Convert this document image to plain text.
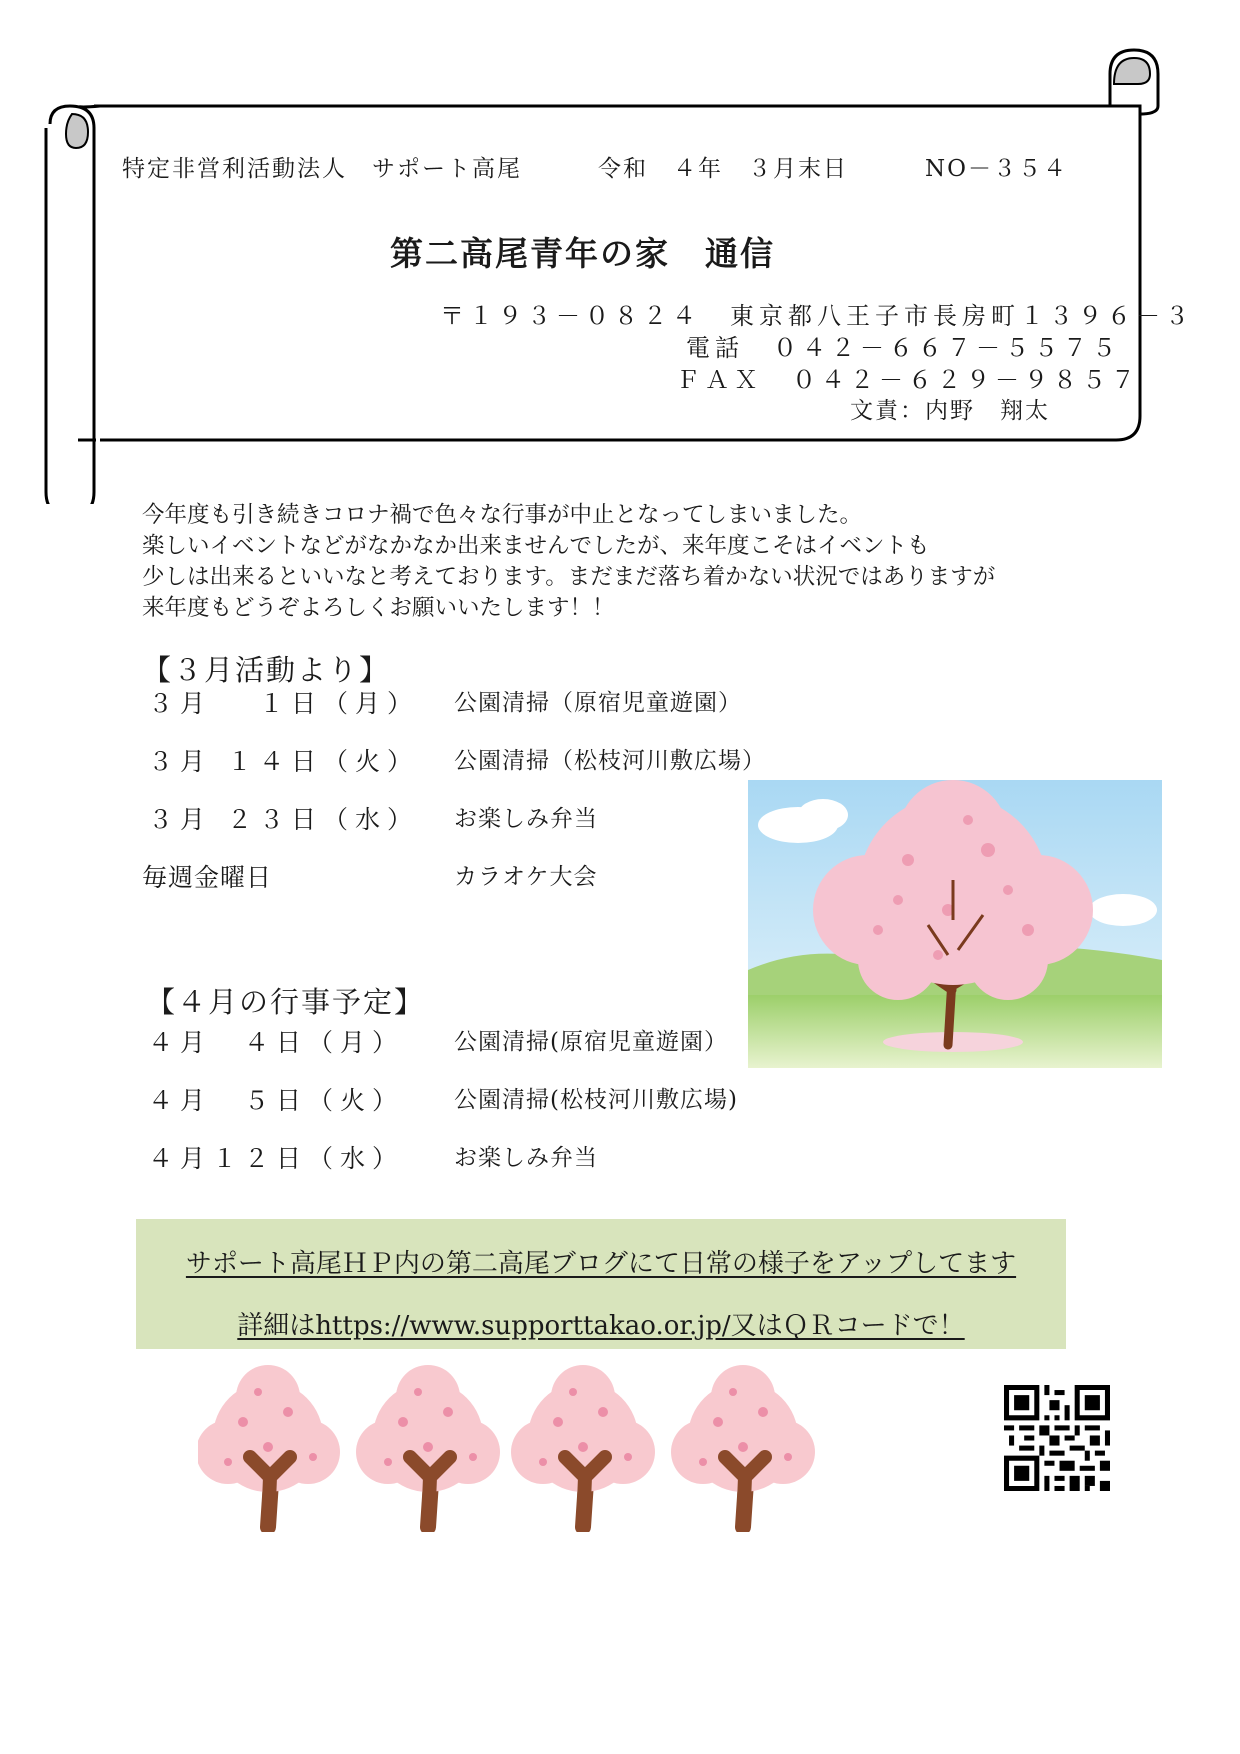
特定非営利活動法人　サポート高尾	令和　４年　３月末日	NO－３５４
第二高尾青年の家　通信
〒１９３－０８２４　東京都八王子市長房町１３９６－３
電話　０４２－６６７－５５７５
ＦＡＸ　０４２－６２９－９８５７
文責：内野　翔太
今年度も引き続きコロナ禍で色々な行事が中止となってしまいました。
楽しいイベントなどがなかなか出来ませんでしたが、来年度こそはイベントも
少しは出来るといいなと考えております。まだまだ落ち着かない状況ではありますが
来年度もどうぞよろしくお願いいたします！！
【３月活動より】
３月　 １日（月） 公園清掃（原宿児童遊園）
３月 １４日（火） 公園清掃（松枝河川敷広場）
３月 ２３日（水） お楽しみ弁当
毎週金曜日	カラオケ大会
【４月の行事予定】
４月　４日（月） 公園清掃(原宿児童遊園）
４月　５日（火） 公園清掃(松枝河川敷広場)
４月１２日（水） お楽しみ弁当
サポート高尾ＨＰ内の第二高尾ブログにて日常の様子をアップしてます
詳細はhttps://www.supporttakao.or.jp/又はＱＲコードで！
